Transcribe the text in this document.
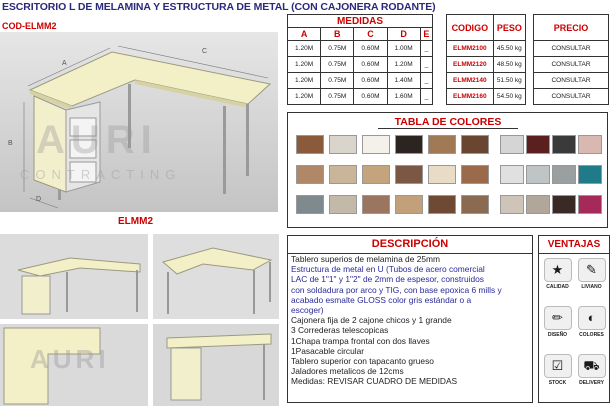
ESCRITORIO L DE MELAMINA Y ESTRUCTURA DE METAL (CON CAJONERA RODANTE)
COD-ELMM2
A
B
C
D
AURI
CONTRACTING
ELMM2
AURI
MEDIDAS				
A	B	C	D	E
1.20M	0.75M	0.60M	1.00M	_
1.20M	0.75M	0.60M	1.20M	_
1.20M	0.75M	0.60M	1.40M	_
1.20M	0.75M	0.60M	1.60M	_
CODIGO	PESO
ELMM2100	45.50 kg
ELMM2120	48.50 kg
ELMM2140	51.50 kg
ELMM2160	54.50 kg
PRECIO
CONSULTAR
CONSULTAR
CONSULTAR
CONSULTAR
TABLA DE COLORES
DESCRIPCIÓN
Tablero superios de melamina de 25mm
Estructura de metal en U (Tubos de acero comercial
LAC de 1"1" y 1"2" de 2mm de espesor, construidos
con soldadura por arco y TIG, con base epoxica 6 mills y
acabado esmalte GLOSS color gris estándar o a
escoger)
Cajonera fija de 2 cajone chicos y 1 grande
3 Correderas telescopicas
1Chapa trampa frontal con dos llaves
1Pasacable circular
Tablero superior con tapacanto grueso
Jaladores metalicos de 12cms
Medidas: REVISAR CUADRO DE MEDIDAS
VENTAJAS
★
CALIDAD
✎
LIVIANO
✏
DISEÑO
◐
COLORES
☑
STOCK
⛟
DELIVERY
